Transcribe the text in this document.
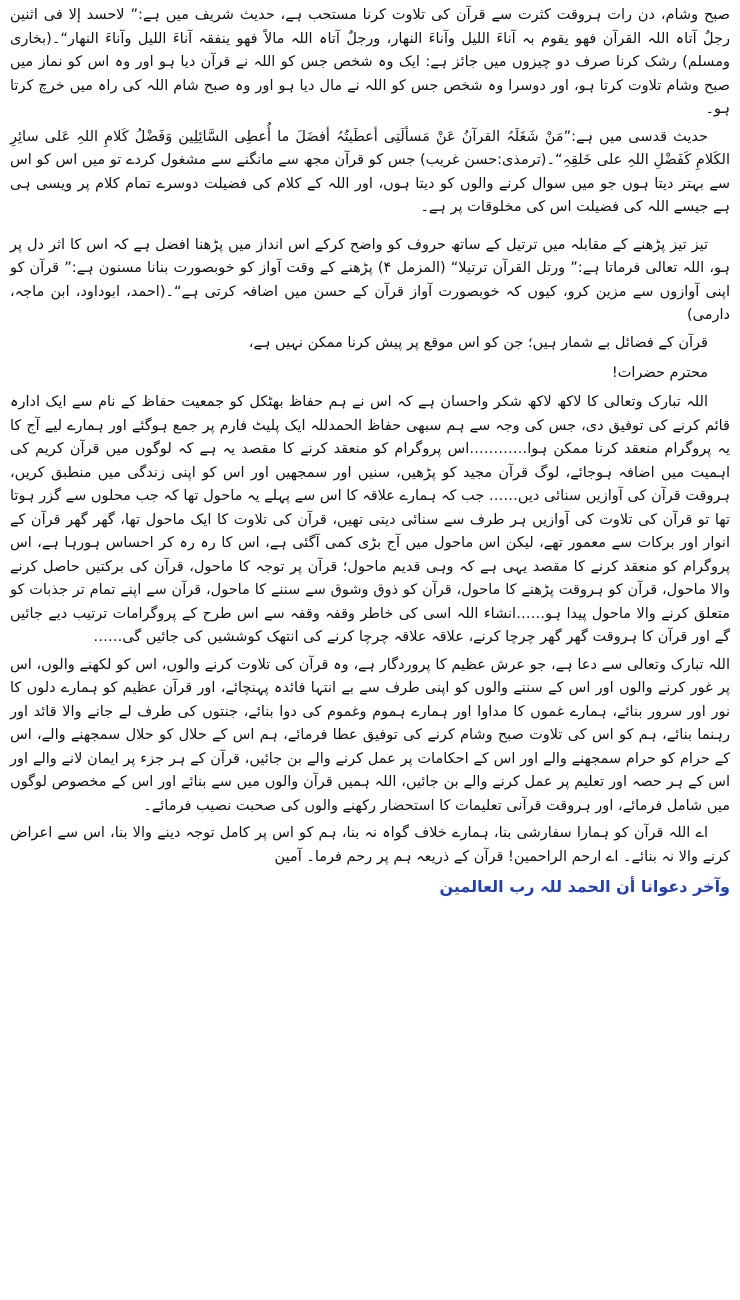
صبح وشام، دن رات ہروقت کثرت سے قرآن کی تلاوت کرنا مستحب ہے، حدیث شریف میں ہے:” لاحسد إلا فی اثنین رجلٌ آتاہ اللہ القرآن فھو یقوم بہ آناءَ اللیل وآناءَ النھار، ورجلٌ آتاہ اللہ مالاً فھو ینفقہ آناءَ اللیل وآناءَ النھار“۔(بخاری ومسلم) رشک کرنا صرف دو چیزوں میں جائز ہے: ایک وہ شخص جس کو اللہ نے قرآن دیا ہو اور وہ اس کو نماز میں صبح وشام تلاوت کرتا ہو، اور دوسرا وہ شخص جس کو اللہ نے مال دیا ہو اور وہ صبح شام اللہ کی راہ میں خرچ کرتا ہو۔

حدیث قدسی میں ہے:”مَنْ شَغَلَہُ القرآنُ عَنْ مَسألَتِی أعطَیتُہُ أفضَلَ ما أُعطِی السَّائِلِین وَفَضْلُ کَلامِ اللہِ عَلی سائِرِ الکَلامِ کَفَضْلِ اللہِ علی خَلقِہِ“۔(ترمذی:حسن غریب) جس کو قرآن مجھ سے مانگنے سے مشغول کردے تو میں اس کو اس سے بہتر دیتا ہوں جو میں سوال کرنے والوں کو دیتا ہوں، اور اللہ کے کلام کی فضیلت دوسرے تمام کلام پر ویسی ہی ہے جیسے اللہ کی فضیلت اس کی مخلوقات پر ہے۔

تیز تیز پڑھنے کے مقابلہ میں ترتیل کے ساتھ حروف کو واضح کرکے اس انداز میں پڑھنا افضل ہے کہ اس کا اثر دل پر ہو، اللہ تعالی فرماتا ہے:” ورتل القرآن ترتیلا“ (المزمل ۴) پڑھنے کے وقت آواز کو خوبصورت بنانا مسنون ہے:” قرآن کو اپنی آوازوں سے مزین کرو، کیوں کہ خوبصورت آواز قرآن کے حسن میں اضافہ کرتی ہے“۔(احمد، ابوداود، ابن ماجہ، دارمی)

قرآن کے فضائل بے شمار ہیں؛ جن کو اس موقع پر پیش کرنا ممکن نہیں ہے،

محترم حضرات!

اللہ تبارک وتعالی کا لاکھ لاکھ شکر واحسان ہے کہ اس نے ہم حفاظ بھٹکل کو جمعیت حفاظ کے نام سے ایک ادارہ قائم کرنے کی توفیق دی، جس کی وجہ سے ہم سبھی حفاظ الحمدللہ ایک پلیٹ فارم پر جمع ہوگئے اور ہمارے لیے آج کا یہ پروگرام منعقد کرنا ممکن ہوا…………اس پروگرام کو منعقد کرنے کا مقصد یہ ہے کہ لوگوں میں قرآن کریم کی اہمیت میں اضافہ ہوجائے، لوگ قرآن مجید کو پڑھیں، سنیں اور سمجھیں اور اس کو اپنی زندگی میں منطبق کریں، ہروقت قرآن کی آوازیں سنائی دیں…… جب کہ ہمارے علاقہ کا اس سے پہلے یہ ماحول تھا کہ جب محلوں سے گزر ہوتا تھا تو قرآن کی تلاوت کی آوازیں ہر طرف سے سنائی دیتی تھیں، قرآن کی تلاوت کا ایک ماحول تھا، گھر گھر قرآن کے انوار اور برکات سے معمور تھے، لیکن اس ماحول میں آج بڑی کمی آگئی ہے، اس کا رہ رہ کر احساس ہورہا ہے، اس پروگرام کو منعقد کرنے کا مقصد یہی ہے کہ وہی قدیم ماحول؛ قرآن پر توجہ کا ماحول، قرآن کی برکتیں حاصل کرنے والا ماحول، قرآن کو ہروقت پڑھنے کا ماحول، قرآن کو ذوق وشوق سے سننے کا ماحول، قرآن سے اپنے تمام تر جذبات کو متعلق کرنے والا ماحول پیدا ہو……انشاء اللہ اسی کی خاطر وقفہ وقفہ سے اس طرح کے پروگرامات ترتیب دیے جائیں گے اور قرآن کا ہروقت گھر گھر چرچا کرنے، علاقہ علاقہ چرچا کرنے کی انتھک کوششیں کی جائیں گی……

اللہ تبارک وتعالی سے دعا ہے، جو عرش عظیم کا پروردگار ہے، وہ قرآن کی تلاوت کرنے والوں، اس کو لکھنے والوں، اس پر غور کرنے والوں اور اس کے سننے والوں کو اپنی طرف سے بے انتہا فائدہ پہنچائے، اور قرآن عظیم کو ہمارے دلوں کا نور اور سرور بنائے، ہمارے غموں کا مداوا اور ہمارے ہموم وغموم کی دوا بنائے، جنتوں کی طرف لے جانے والا قائد اور رہنما بنائے، ہم کو اس کی تلاوت صبح وشام کرنے کی توفیق عطا فرمائے، ہم اس کے حلال کو حلال سمجھنے والے، اس کے حرام کو حرام سمجھنے والے اور اس کے احکامات پر عمل کرنے والے بن جائیں، قرآن کے ہر جزء پر ایمان لانے والے اور اس کے ہر حصہ اور تعلیم پر عمل کرنے والے بن جائیں، اللہ ہمیں قرآن والوں میں سے بنائے اور اس کے مخصوص لوگوں میں شامل فرمائے، اور ہروقت قرآنی تعلیمات کا استحضار رکھنے والوں کی صحبت نصیب فرمائے۔

اے اللہ قرآن کو ہمارا سفارشی بنا، ہمارے خلاف گواہ نہ بنا، ہم کو اس پر کامل توجہ دینے والا بنا، اس سے اعراض کرنے والا نہ بنائے۔ اے ارحم الراحمین! قرآن کے ذریعہ ہم پر رحم فرما۔ آمین

وآخر دعوانا أن الحمد للہ رب العالمین
